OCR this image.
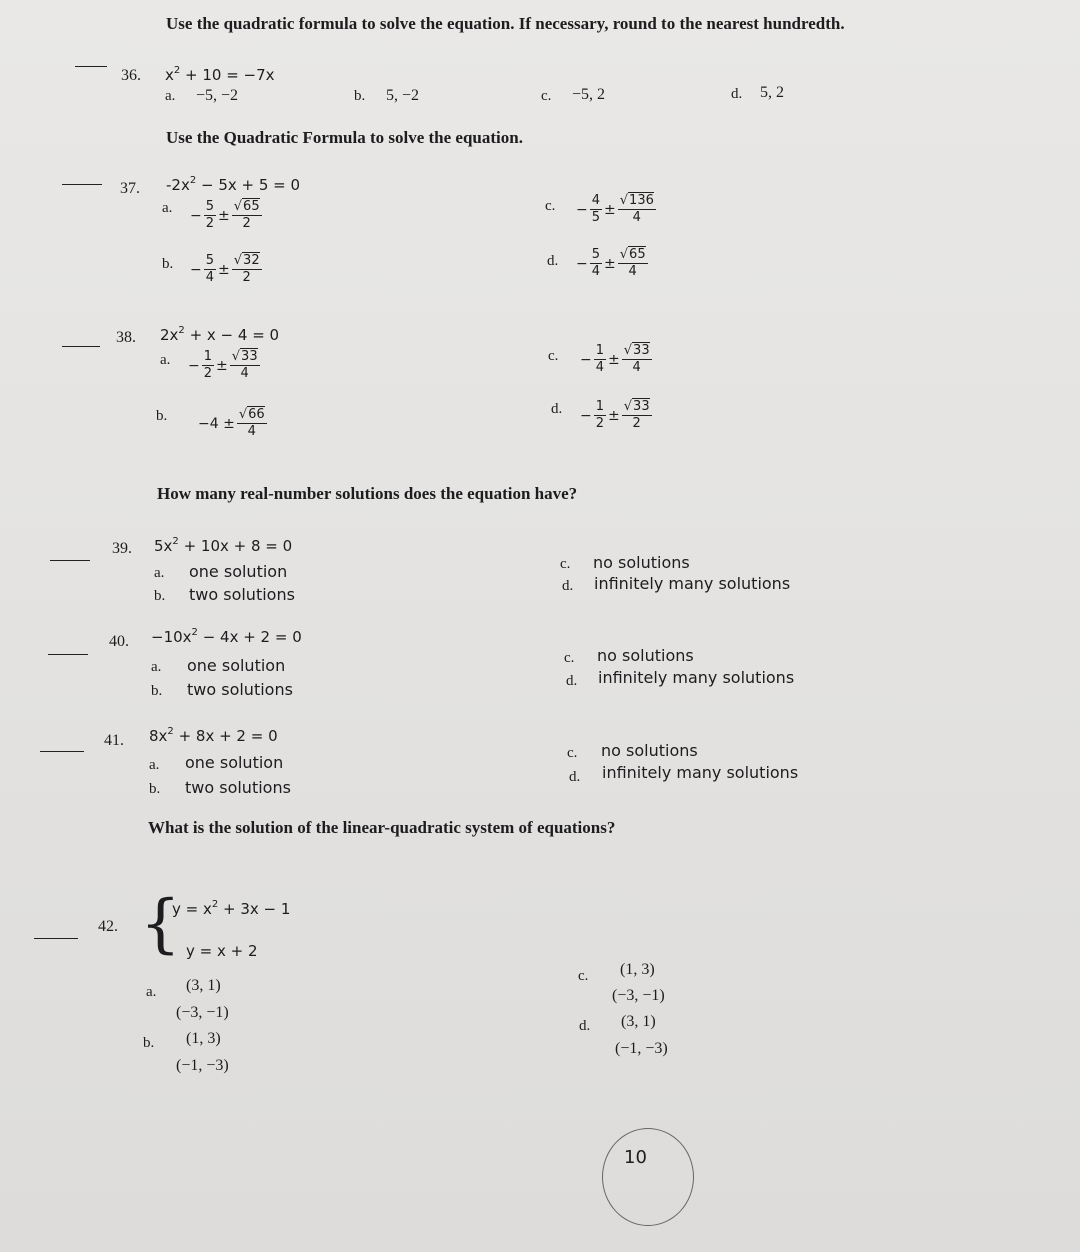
Use the quadratic formula to solve the equation. If necessary, round to the nearest hundredth.
36. $x^2 + 10 = -7x$
a. −5, −2	b. 5, −2	c. −5, 2	d. 5, 2
Use the Quadratic Formula to solve the equation.
37. $-2x^2 - 5x + 5 = 0$
a. − $\frac{5}{2} \pm \frac{√65}{2}$
b. − $\frac{5}{4} \pm \frac{√32}{2}$
c. − $\frac{4}{5} \pm \frac{√136}{4}$
d. − $\frac{5}{4} \pm \frac{√65}{4}$
38. $2x^2 + x - 4 = 0$
a. − $\frac{1}{2} \pm \frac{√33}{4}$
b. $-4 \pm \frac{√66}{4}$
c. − $\frac{1}{4} \pm \frac{√33}{4}$
d. − $\frac{1}{2} \pm \frac{√33}{2}$
How many real-number solutions does the equation have?
39. $5x^2 + 10x + 8 = 0$
a. one solution
b. two solutions
c. no solutions
d. infinitely many solutions
40. $-10x^2 - 4x + 2 = 0$
a. one solution
b. two solutions
c. no solutions
d. infinitely many solutions
41. $8x^2 + 8x + 2 = 0$
a. one solution
b. two solutions
c. no solutions
d. infinitely many solutions
What is the solution of the linear-quadratic system of equations?
42. {
$y = x^2 + 3x - 1$
y = x + 2
a. (3, 1)
(−3, −1)
b. (1, 3)
(−1, −3)
c. (1, 3)
(−3, −1)
d. (3, 1)
(−1, −3)
10
